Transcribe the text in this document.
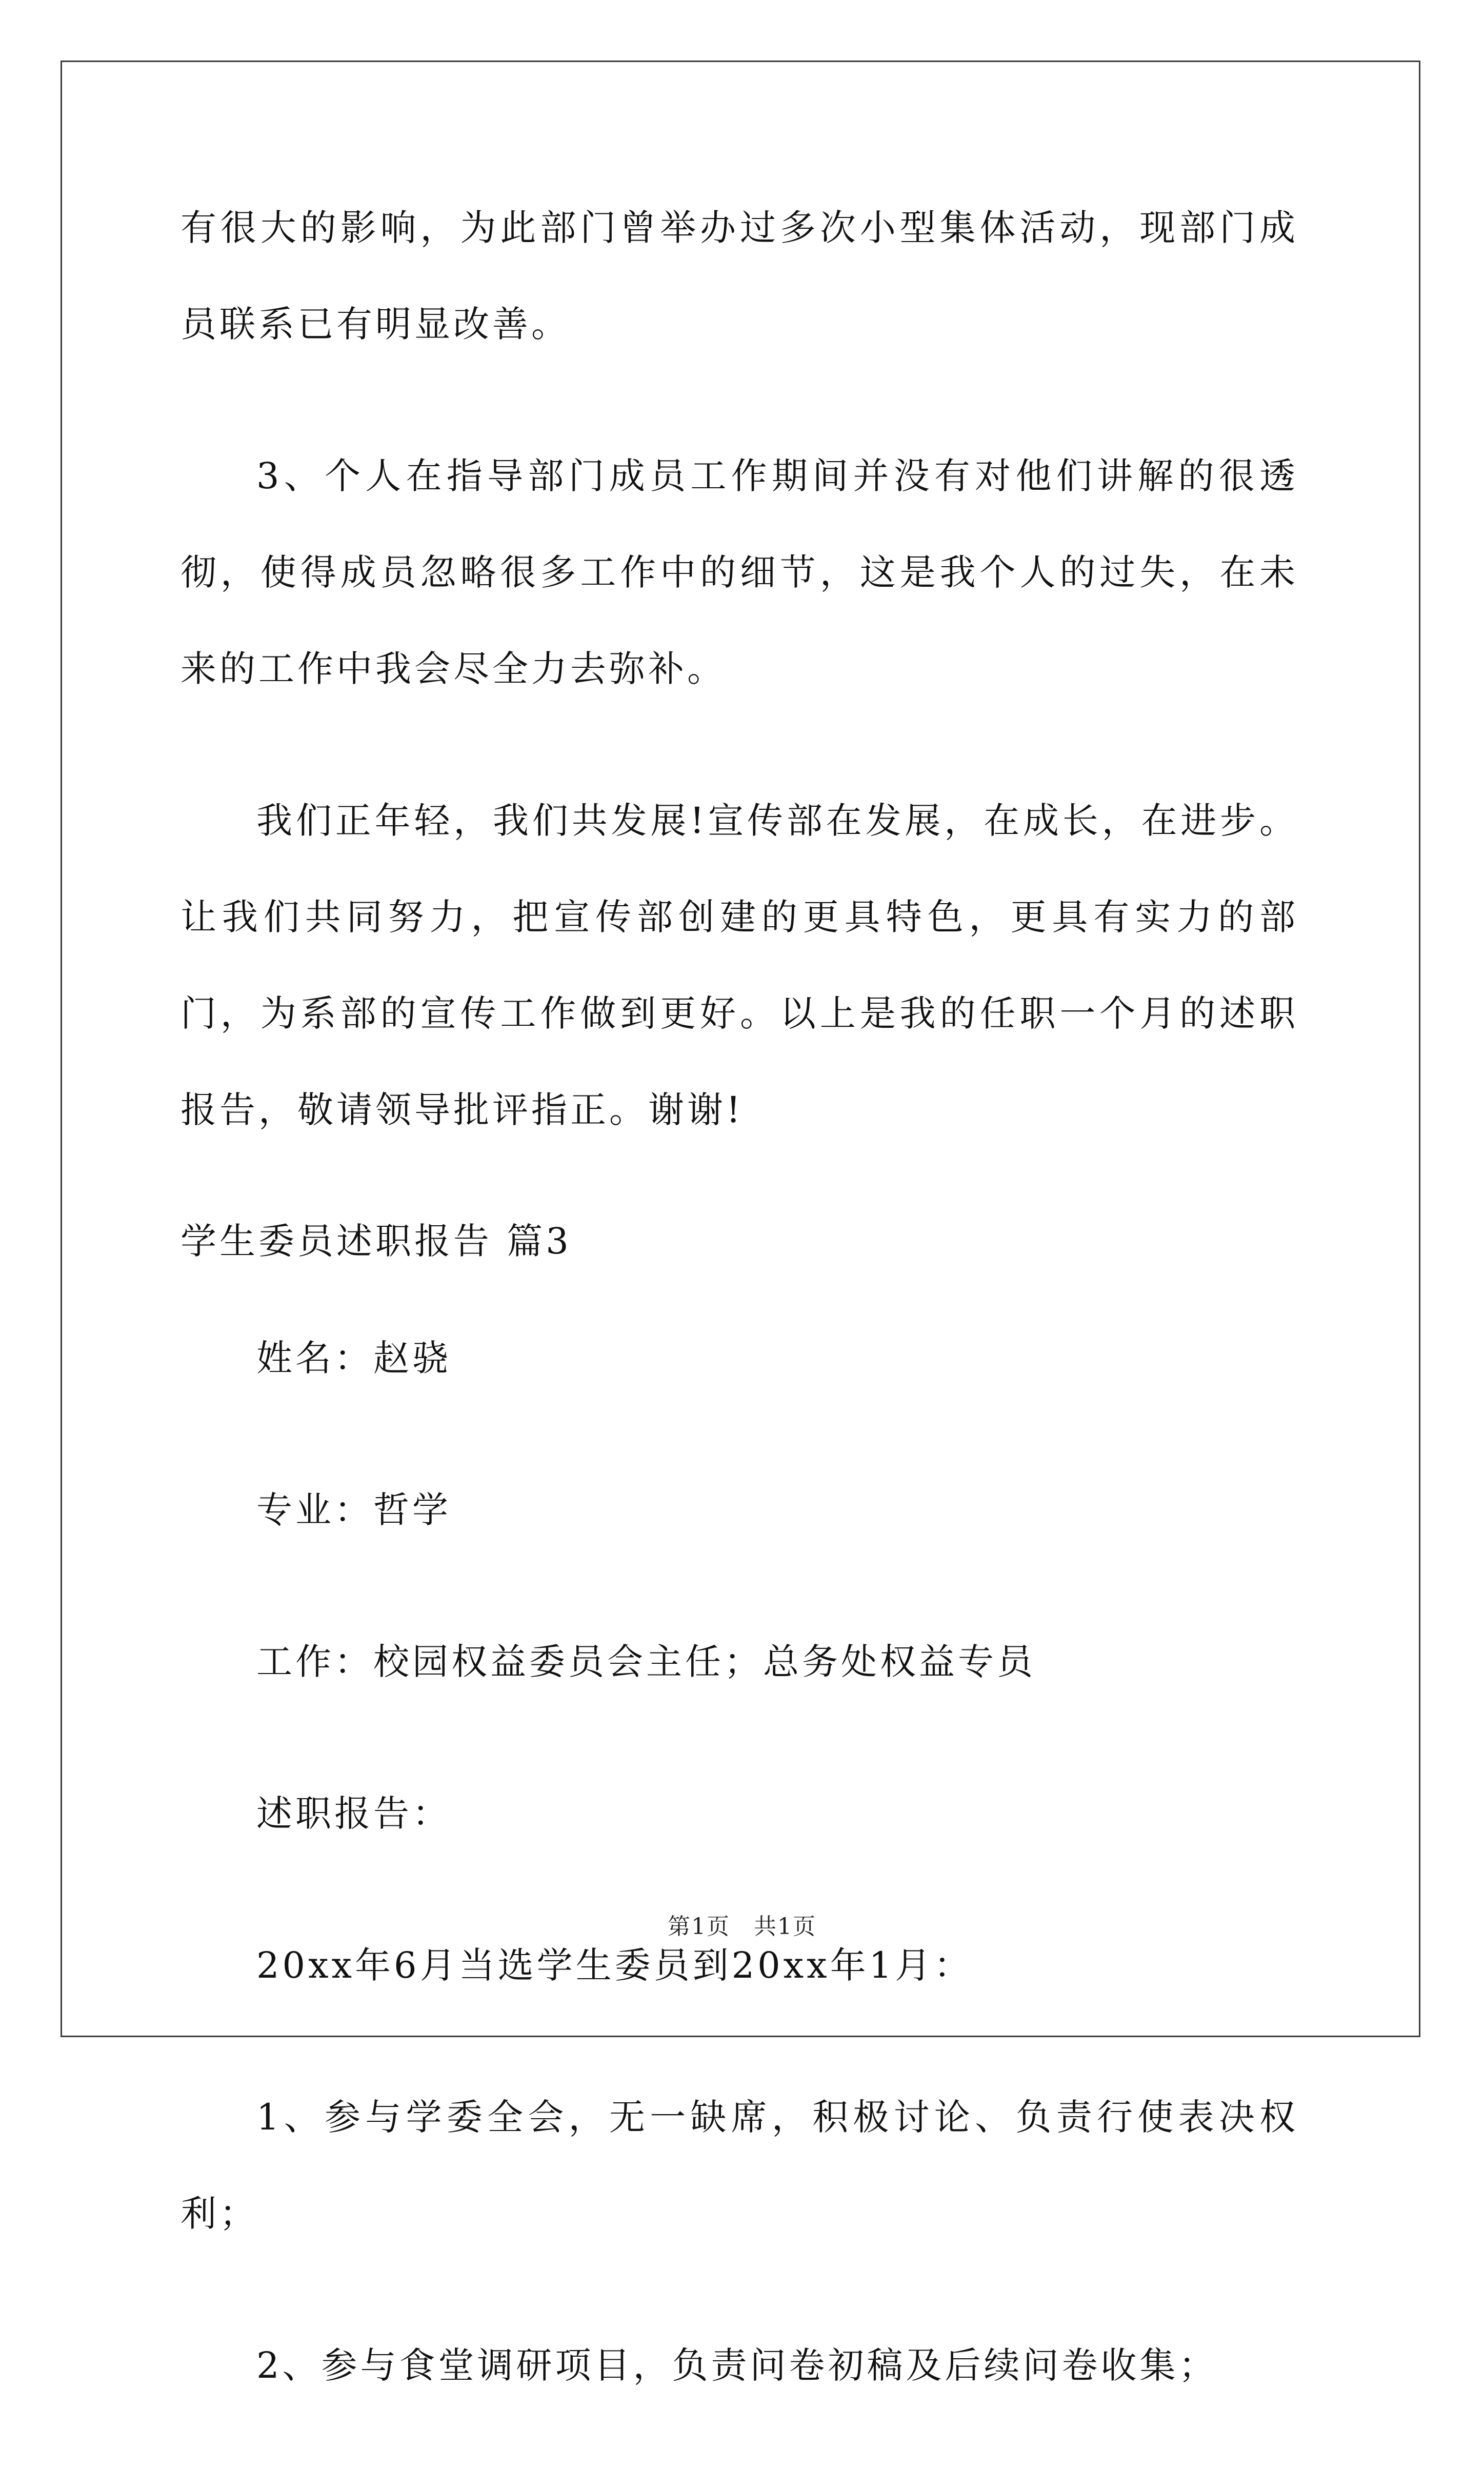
有很大的影响，为此部门曾举办过多次小型集体活动，现部门成员联系已有明显改善。

3、个人在指导部门成员工作期间并没有对他们讲解的很透彻，使得成员忽略很多工作中的细节，这是我个人的过失，在未来的工作中我会尽全力去弥补。

我们正年轻，我们共发展!宣传部在发展，在成长，在进步。让我们共同努力，把宣传部创建的更具特色，更具有实力的部门，为系部的宣传工作做到更好。以上是我的任职一个月的述职报告，敬请领导批评指正。谢谢!

学生委员述职报告 篇3

姓名：赵骁

专业：哲学

工作：校园权益委员会主任；总务处权益专员

述职报告：

20xx年6月当选学生委员到20xx年1月：

1、参与学委全会，无一缺席，积极讨论、负责行使表决权利；

2、参与食堂调研项目，负责问卷初稿及后续问卷收集；

第1页　共1页
